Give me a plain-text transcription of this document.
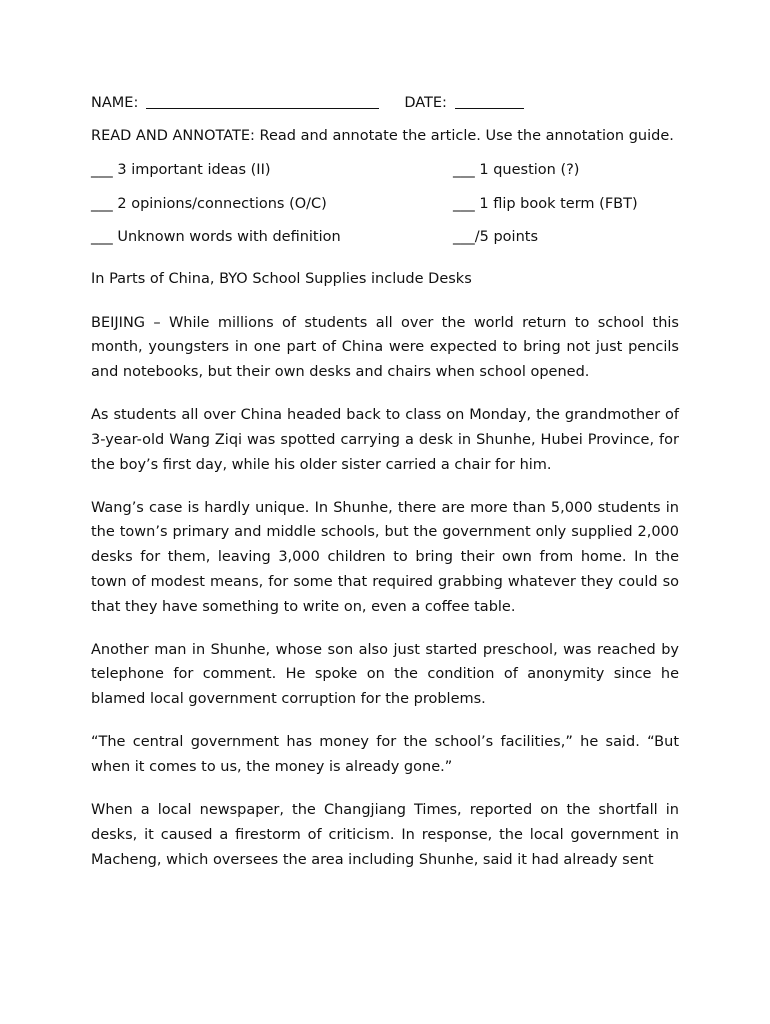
NAME:	DATE:
READ AND ANNOTATE: Read and annotate the article. Use the annotation guide.
___ 3 important ideas (II)	___ 1 question (?)
___ 2 opinions/connections (O/C)	___ 1 flip book term (FBT)
___ Unknown words with definition	___/5 points
In Parts of China, BYO School Supplies include Desks

BEIJING – While millions of students all over the world return to school this month, youngsters in one part of China were expected to bring not just pencils and notebooks, but their own desks and chairs when school opened.

As students all over China headed back to class on Monday, the grandmother of 3-year-old Wang Ziqi was spotted carrying a desk in Shunhe, Hubei Province, for the boy’s first day, while his older sister carried a chair for him.

Wang’s case is hardly unique. In Shunhe, there are more than 5,000 students in the town’s primary and middle schools, but the government only supplied 2,000 desks for them, leaving 3,000 children to bring their own from home. In the town of modest means, for some that required grabbing whatever they could so that they have something to write on, even a coffee table.

Another man in Shunhe, whose son also just started preschool, was reached by telephone for comment. He spoke on the condition of anonymity since he blamed local government corruption for the problems.

“The central government has money for the school’s facilities,” he said. “But when it comes to us, the money is already gone.”

When a local newspaper, the Changjiang Times, reported on the shortfall in desks, it caused a firestorm of criticism. In response, the local government in Macheng, which oversees the area including Shunhe, said it had already sent
